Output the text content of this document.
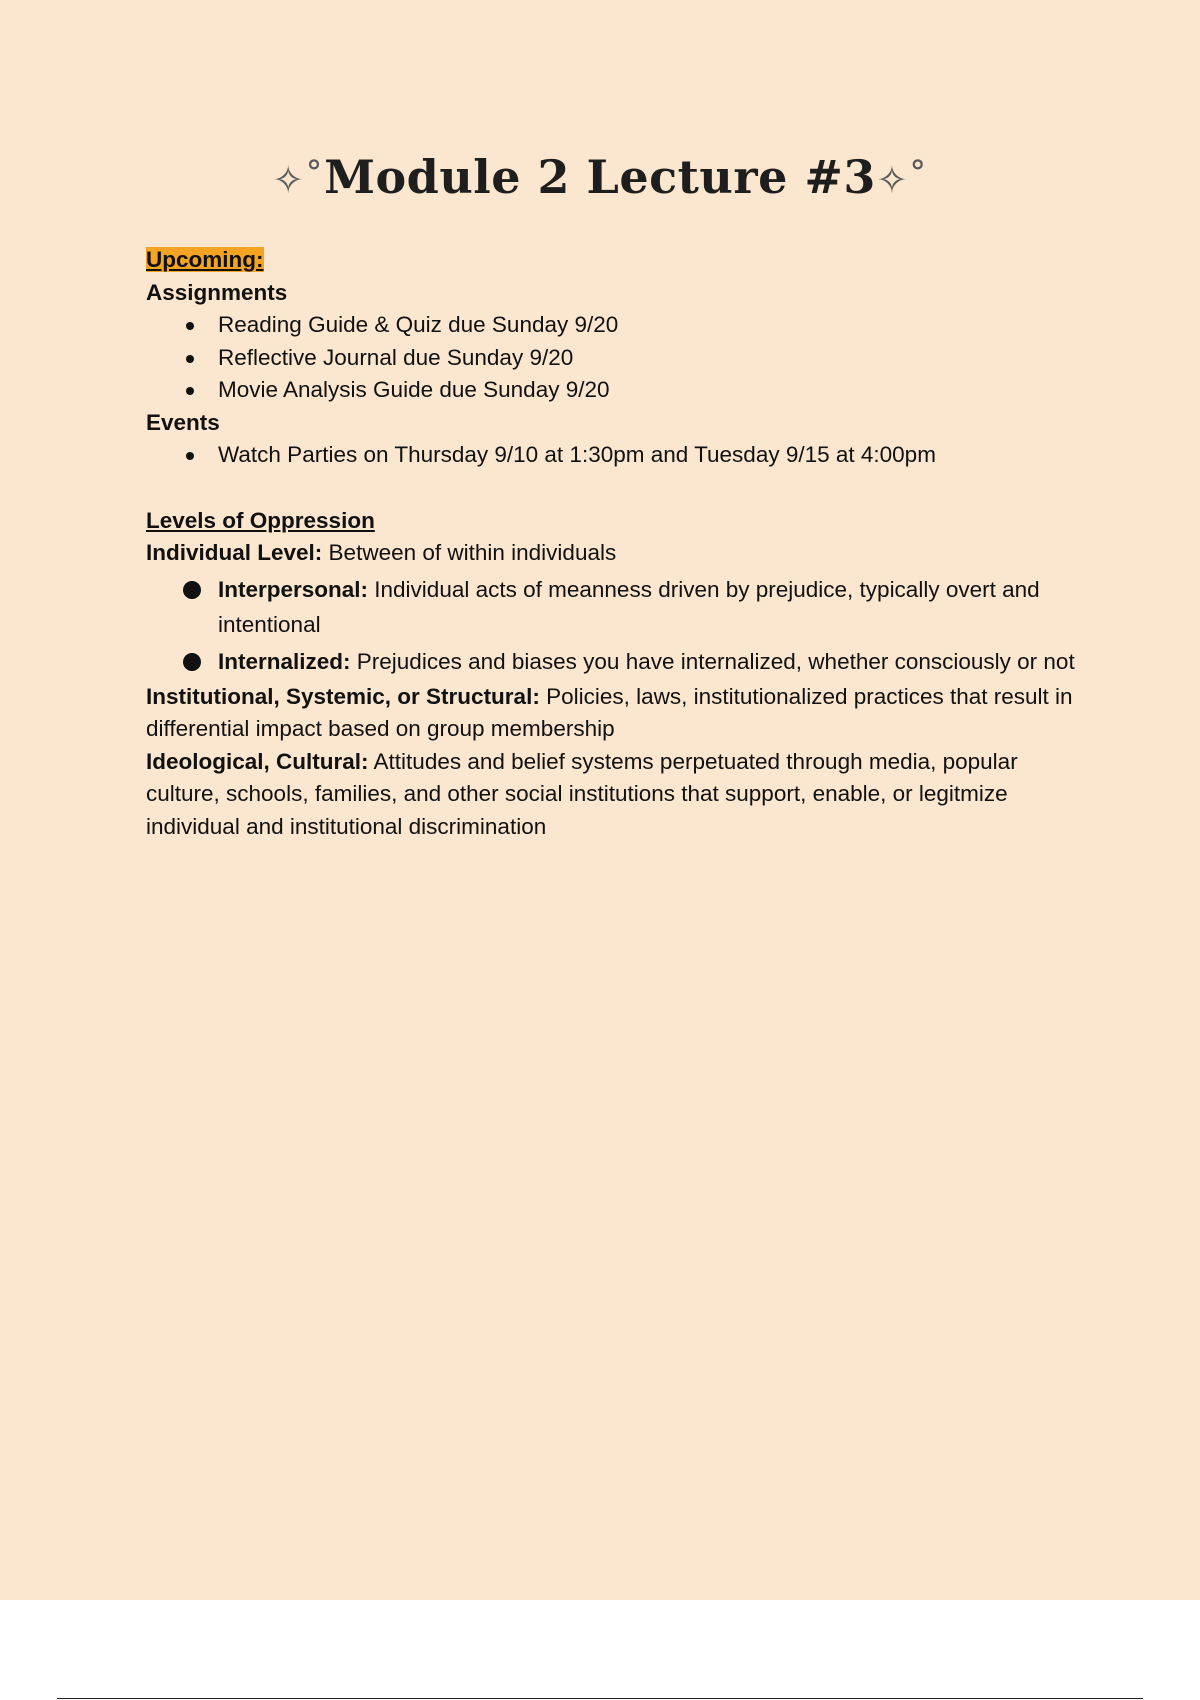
✧˚Module 2 Lecture #3✧˚
Upcoming:
Assignments
Reading Guide & Quiz due Sunday 9/20
Reflective Journal due Sunday 9/20
Movie Analysis Guide due Sunday 9/20
Events
Watch Parties on Thursday 9/10 at 1:30pm and Tuesday 9/15 at 4:00pm
Levels of Oppression
Individual Level: Between of within individuals
Interpersonal: Individual acts of meanness driven by prejudice, typically overt and intentional
Internalized: Prejudices and biases you have internalized, whether consciously or not
Institutional, Systemic, or Structural: Policies, laws, institutionalized practices that result in differential impact based on group membership
Ideological, Cultural: Attitudes and belief systems perpetuated through media, popular culture, schools, families, and other social institutions that support, enable, or legitmize individual and institutional discrimination
